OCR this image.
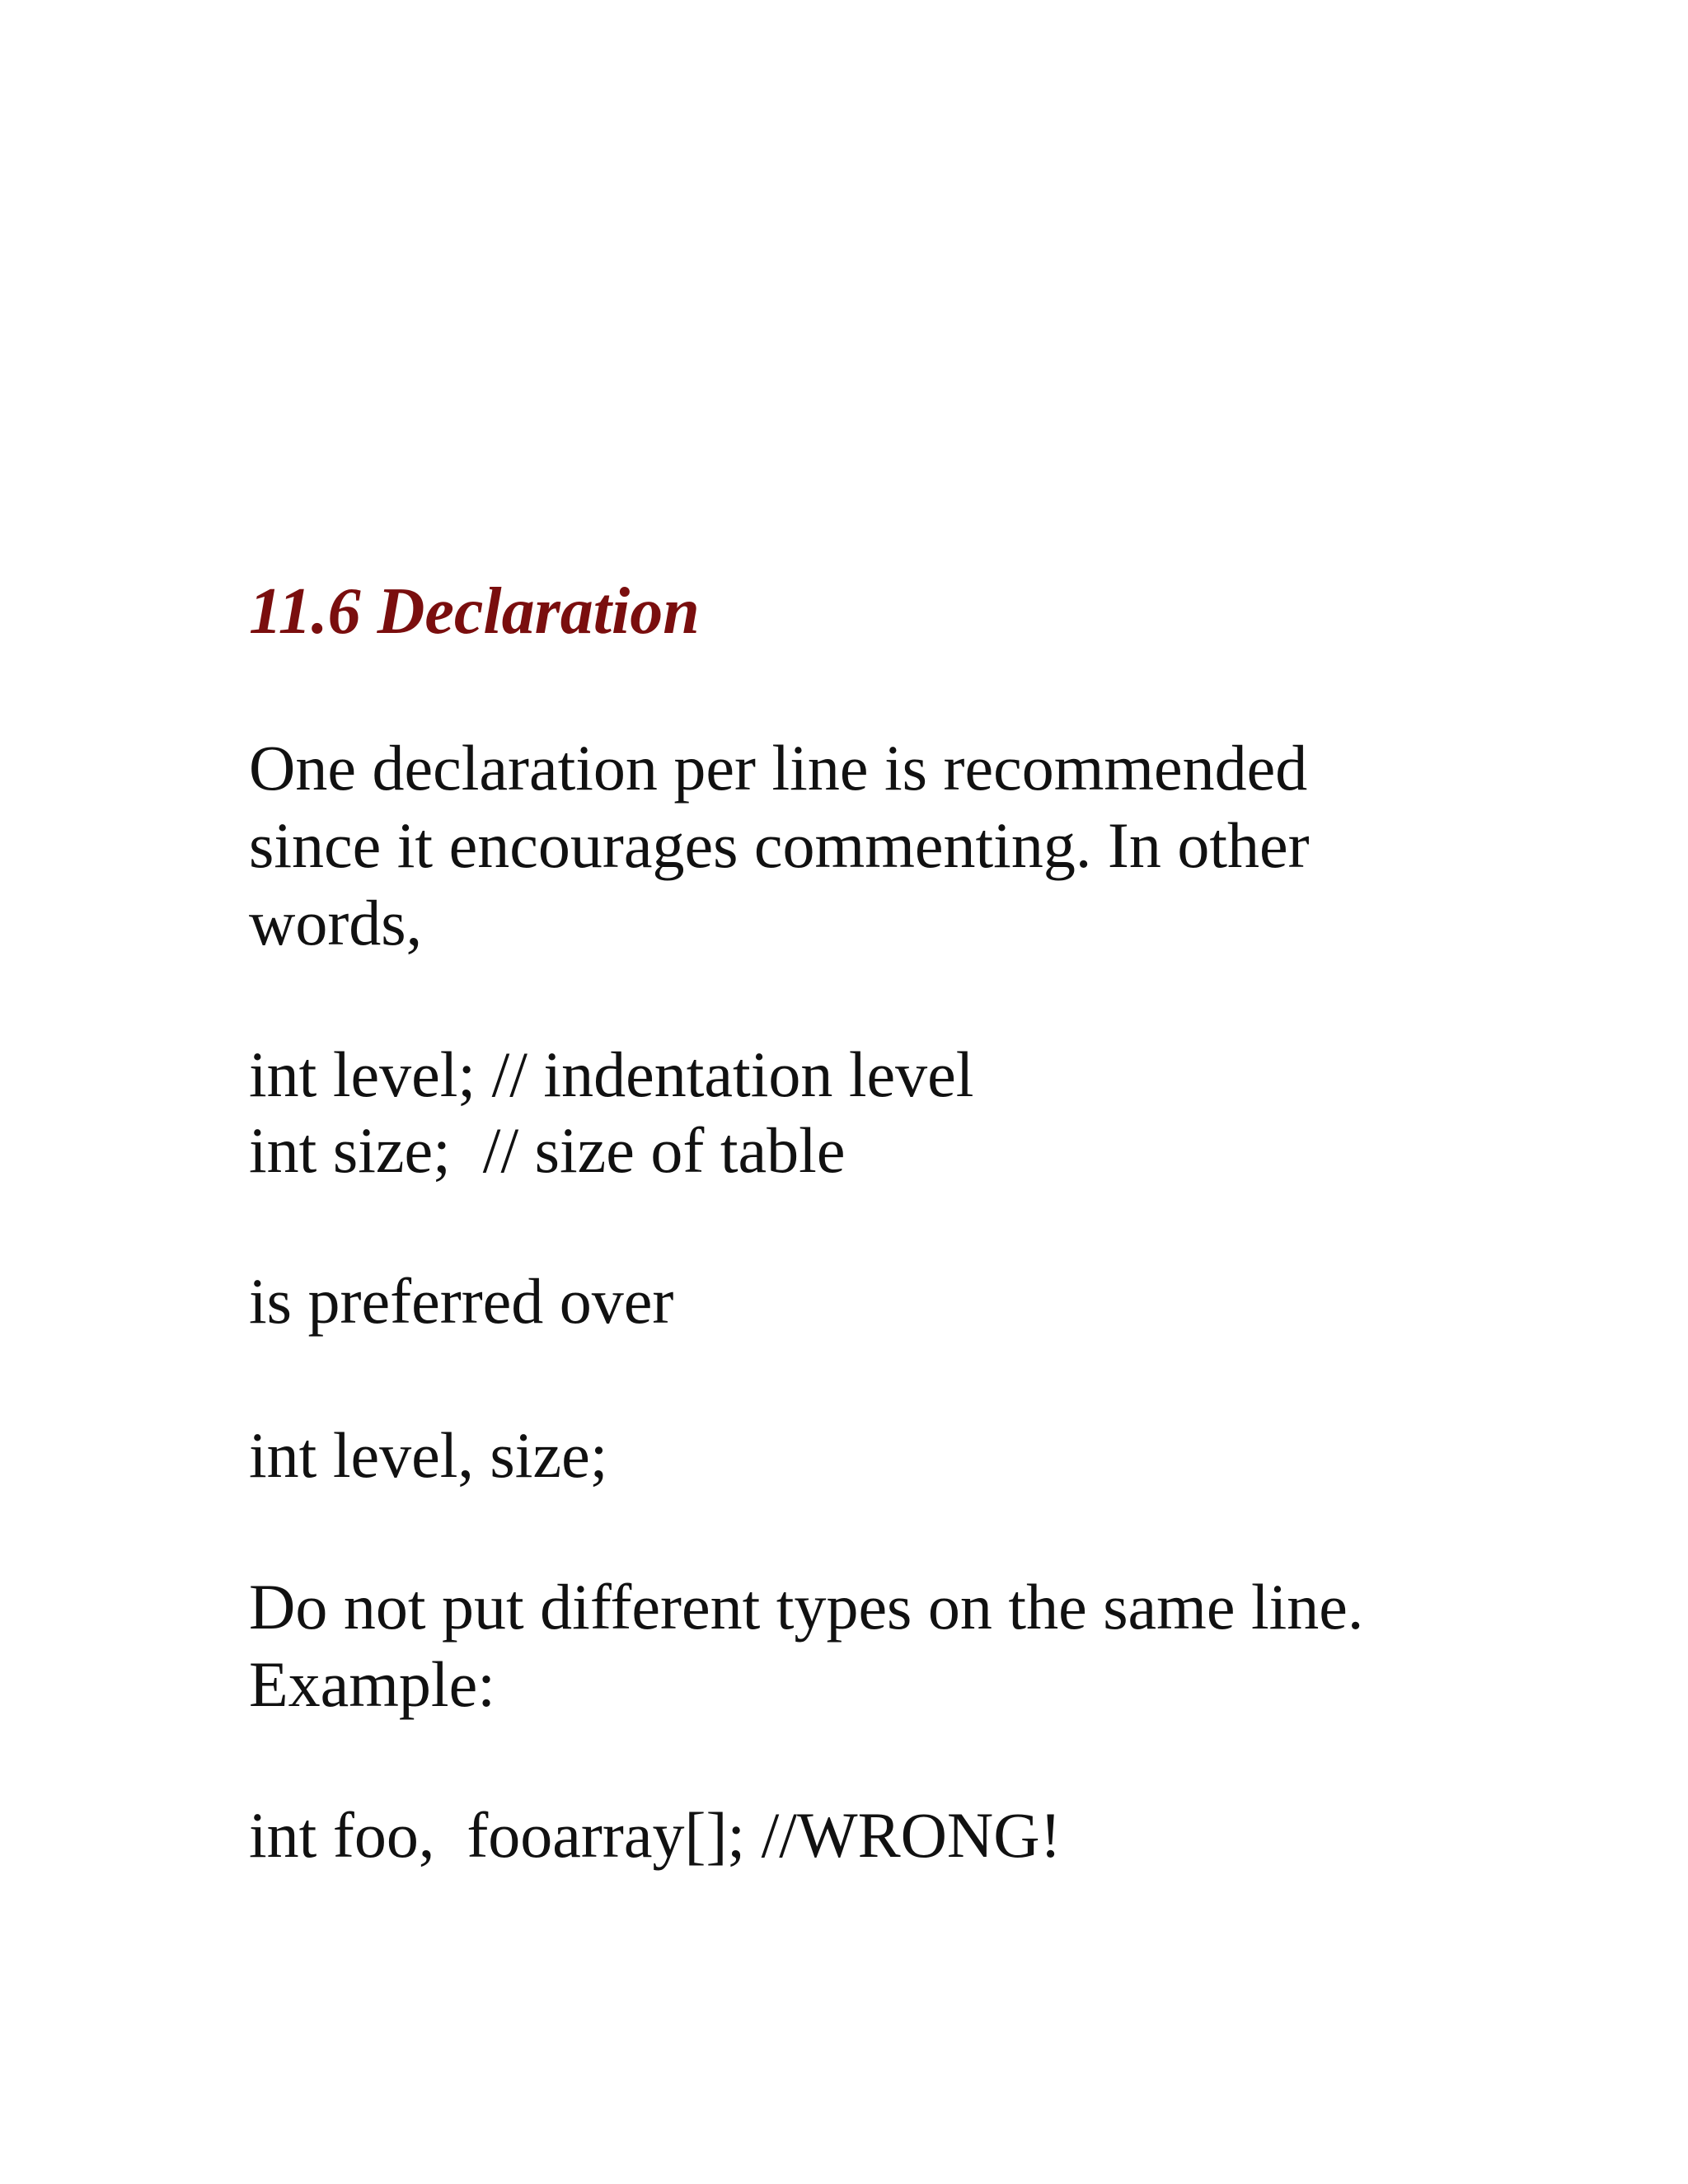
11.6 Declaration

One declaration per line is recommended

since it encourages commenting. In other

words,

int level; // indentation level

int size;  // size of table

is preferred over

int level, size;

Do not put different types on the same line.

Example:

int foo,  fooarray[]; //WRONG!
